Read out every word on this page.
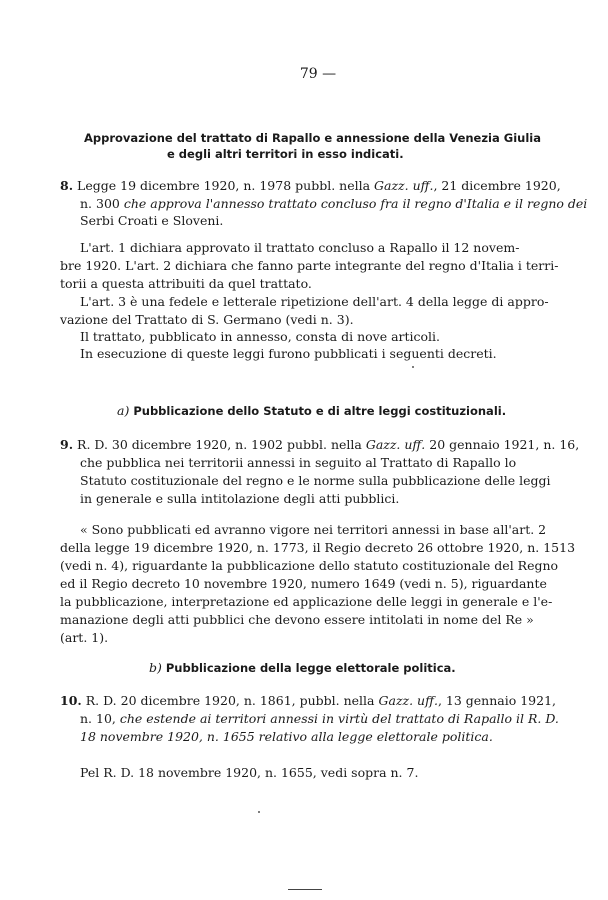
79 —
Approvazione del trattato di Rapallo e annessione della Venezia Giulia
e degli altri territori in esso indicati.
8. Legge 19 dicembre 1920, n. 1978 pubbl. nella Gazz. uff., 21 dicembre 1920,
n. 300 che approva l'annesso trattato concluso fra il regno d'Italia e il regno dei
Serbi Croati e Sloveni.
L'art. 1 dichiara approvato il trattato concluso a Rapallo il 12 novem-
bre 1920. L'art. 2 dichiara che fanno parte integrante del regno d'Italia i terri-
torii a questa attribuiti da quel trattato.
L'art. 3 è una fedele e letterale ripetizione dell'art. 4 della legge di appro-
vazione del Trattato di S. Germano (vedi n. 3).
Il trattato, pubblicato in annesso, consta di nove articoli.
In esecuzione di queste leggi furono pubblicati i seguenti decreti.
a) Pubblicazione dello Statuto e di altre leggi costituzionali.
9. R. D. 30 dicembre 1920, n. 1902 pubbl. nella Gazz. uff. 20 gennaio 1921, n. 16,
che pubblica nei territorii annessi in seguito al Trattato di Rapallo lo
Statuto costituzionale del regno e le norme sulla pubblicazione delle leggi
in generale e sulla intitolazione degli atti pubblici.
« Sono pubblicati ed avranno vigore nei territori annessi in base all'art. 2
della legge 19 dicembre 1920, n. 1773, il Regio decreto 26 ottobre 1920, n. 1513
(vedi n. 4), riguardante la pubblicazione dello statuto costituzionale del Regno
ed il Regio decreto 10 novembre 1920, numero 1649 (vedi n. 5), riguardante
la pubblicazione, interpretazione ed applicazione delle leggi in generale e l'e-
manazione degli atti pubblici che devono essere intitolati in nome del Re »
(art. 1).
b) Pubblicazione della legge elettorale politica.
10. R. D. 20 dicembre 1920, n. 1861, pubbl. nella Gazz. uff., 13 gennaio 1921,
n. 10, che estende ai territori annessi in virtù del trattato di Rapallo il R. D.
18 novembre 1920, n. 1655 relativo alla legge elettorale politica.
Pel R. D. 18 novembre 1920, n. 1655, vedi sopra n. 7.
